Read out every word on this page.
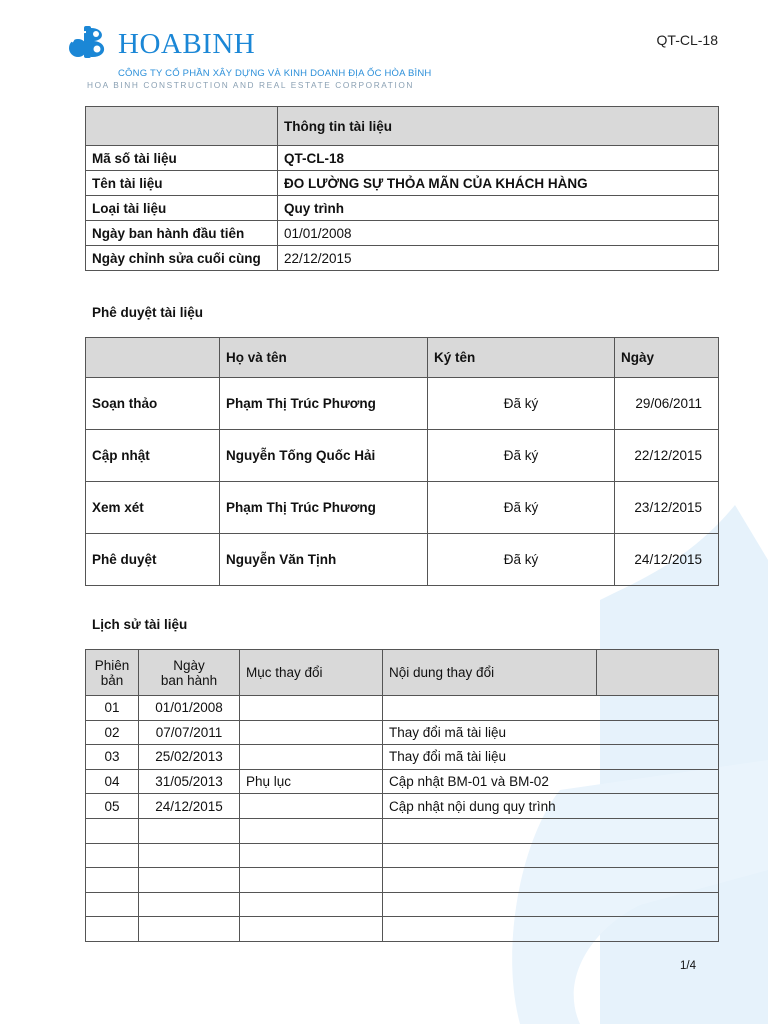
HOABINH
CÔNG TY CỔ PHẦN XÂY DỰNG VÀ KINH DOANH ĐỊA ỐC HÒA BÌNH
HOA BINH CONSTRUCTION AND REAL ESTATE CORPORATION
QT-CL-18
	Thông tin tài liệu
Mã số tài liệu	QT-CL-18
Tên tài liệu	ĐO LƯỜNG SỰ THỎA MÃN CỦA KHÁCH HÀNG
Loại tài liệu	Quy trình
Ngày ban hành đầu tiên	01/01/2008
Ngày chỉnh sửa cuối cùng	22/12/2015
Phê duyệt tài liệu
	Họ và tên	Ký tên	Ngày
Soạn thảo	Phạm Thị Trúc Phương	Đã ký	29/06/2011
Cập nhật	Nguyễn Tống Quốc Hải	Đã ký	22/12/2015
Xem xét	Phạm Thị Trúc Phương	Đã ký	23/12/2015
Phê duyệt	Nguyễn Văn Tịnh	Đã ký	24/12/2015
Lịch sử tài liệu
Phiên
bản	Ngày
ban hành	Mục thay đổi	Nội dung thay đổi	
01	01/01/2008			
02	07/07/2011		Thay đổi mã tài liệu	
03	25/02/2013		Thay đổi mã tài liệu	
04	31/05/2013	Phụ lục	Cập nhật BM-01 và BM-02	
05	24/12/2015		Cập nhật nội dung quy trình	

1/4
